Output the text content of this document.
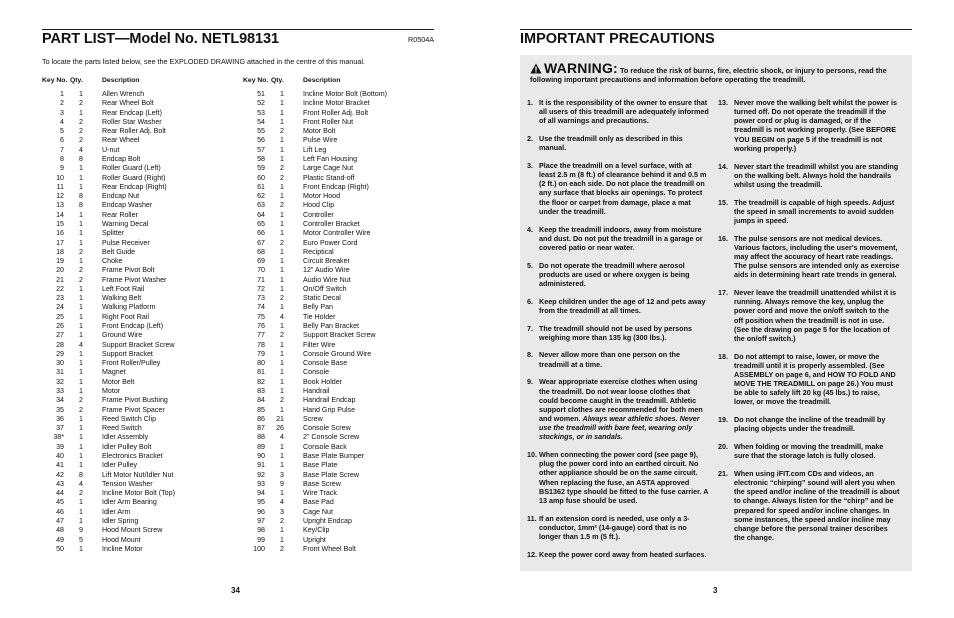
PART LIST—Model No. NETL98131	R0504A
To locate the parts listed below, see the EXPLODED DRAWING attached in the centre of this manual.
Key No. Qty.	Description
1	1	Allen Wrench
2	2	Rear Wheel Bolt
3	1	Rear Endcap (Left)
4	2	Roller Star Washer
5	2	Rear Roller Adj. Bolt
6	2	Rear Wheel
7	4	U-nut
8	8	Endcap Bolt
9	1	Roller Guard (Left)
10	1	Roller Guard (Right)
11	1	Rear Endcap (Right)
12	8	Endcap Nut
13	8	Endcap Washer
14	1	Rear Roller
15	1	Warning Decal
16	1	Splitter
17	1	Pulse Receiver
18	2	Belt Guide
19	1	Choke
20	2	Frame Pivot Bolt
21	2	Frame Pivot Washer
22	1	Left Foot Rail
23	1	Walking Belt
24	1	Walking Platform
25	1	Right Foot Rail
26	1	Front Endcap (Left)
27	1	Ground Wire
28	4	Support Bracket Screw
29	1	Support Bracket
30	1	Front Roller/Pulley
31	1	Magnet
32	1	Motor Belt
33	1	Motor
34	2	Frame Pivot Bushing
35	2	Frame Pivot Spacer
36	1	Reed Switch Clip
37	1	Reed Switch
38*	1	Idler Assembly
39	1	Idler Pulley Bolt
40	1	Electronics Bracket
41	1	Idler Pulley
42	8	Lift Motor Nut/Idler Nut
43	4	Tension Washer
44	2	Incline Motor Bolt (Top)
45	1	Idler Arm Bearing
46	1	Idler Arm
47	1	Idler Spring
48	9	Hood Mount Screw
49	5	Hood Mount
50	1	Incline Motor
Key No. Qty.	Description
51	1	Incline Motor Bolt (Bottom)
52	1	Incline Motor Bracket
53	1	Front Roller Adj. Bolt
54	1	Front Roller Nut
55	2	Motor Bolt
56	1	Pulse Wire
57	1	Lift Leg
58	1	Left Fan Housing
59	2	Large Cage Nut
60	2	Plastic Stand-off
61	1	Front Endcap (Right)
62	1	Motor Hood
63	2	Hood Clip
64	1	Controller
65	1	Controller Bracket
66	1	Motor Controller Wire
67	2	Euro Power Cord
68	1	Reciptical
69	1	Circuit Breaker
70	1	12" Audio Wire
71	1	Audio Wire Nut
72	1	On/Off Switch
73	2	Static Decal
74	1	Belly Pan
75	4	Tie Holder
76	1	Belly Pan Bracket
77	2	Support Bracket Screw
78	1	Filter Wire
79	1	Console Ground Wire
80	1	Console Base
81	1	Console
82	1	Book Holder
83	1	Handrail
84	2	Handrail Endcap
85	1	Hand Grip Pulse
86	21	Screw
87	26	Console Screw
88	4	2" Console Screw
89	1	Console Back
90	1	Base Plate Bumper
91	1	Base Plate
92	3	Base Plate Screw
93	9	Base Screw
94	1	Wire Track
95	4	Base Pad
96	3	Cage Nut
97	2	Upright Endcap
98	1	Key/Clip
99	1	Upright
100	2	Front Wheel Bolt
34
IMPORTANT PRECAUTIONS
WARNING: To reduce the risk of burns, fire, electric shock, or injury to persons, read the following important precautions and information before operating the treadmill.
1. It is the responsibility of the owner to ensure that all users of this treadmill are adequately informed of all warnings and precautions.
2. Use the treadmill only as described in this manual.
3. Place the treadmill on a level surface, with at least 2.5 m (8 ft.) of clearance behind it and 0.5 m (2 ft.) on each side. Do not place the treadmill on any surface that blocks air openings. To protect the floor or carpet from damage, place a mat under the treadmill.
4. Keep the treadmill indoors, away from moisture and dust. Do not put the treadmill in a garage or covered patio or near water.
5. Do not operate the treadmill where aerosol products are used or where oxygen is being administered.
6. Keep children under the age of 12 and pets away from the treadmill at all times.
7. The treadmill should not be used by persons weighing more than 135 kg (300 lbs.).
8. Never allow more than one person on the treadmill at a time.
9. Wear appropriate exercise clothes when using the treadmill. Do not wear loose clothes that could become caught in the treadmill. Athletic support clothes are recommended for both men and women. Always wear athletic shoes. Never use the treadmill with bare feet, wearing only stockings, or in sandals.
10. When connecting the power cord (see page 9), plug the power cord into an earthed circuit. No other appliance should be on the same circuit. When replacing the fuse, an ASTA approved BS1362 type should be fitted to the fuse carrier. A 13 amp fuse should be used.
11. If an extension cord is needed, use only a 3-conductor, 1mm² (14-gauge) cord that is no longer than 1.5 m (5 ft.).
12. Keep the power cord away from heated surfaces.
13. Never move the walking belt whilst the power is turned off. Do not operate the treadmill if the power cord or plug is damaged, or if the treadmill is not working properly. (See BEFORE YOU BEGIN on page 5 if the treadmill is not working properly.)
14. Never start the treadmill whilst you are standing on the walking belt. Always hold the handrails whilst using the treadmill.
15. The treadmill is capable of high speeds. Adjust the speed in small increments to avoid sudden jumps in speed.
16. The pulse sensors are not medical devices. Various factors, including the user's movement, may affect the accuracy of heart rate readings. The pulse sensors are intended only as exercise aids in determining heart rate trends in general.
17. Never leave the treadmill unattended whilst it is running. Always remove the key, unplug the power cord and move the on/off switch to the off position when the treadmill is not in use. (See the drawing on page 5 for the location of the on/off switch.)
18. Do not attempt to raise, lower, or move the treadmill until it is properly assembled. (See ASSEMBLY on page 6, and HOW TO FOLD AND MOVE THE TREADMILL on page 26.) You must be able to safely lift 20 kg (45 lbs.) to raise, lower, or move the treadmill.
19. Do not change the incline of the treadmill by placing objects under the treadmill.
20. When folding or moving the treadmill, make sure that the storage latch is fully closed.
21. When using iFIT.com CDs and videos, an electronic “chirping” sound will alert you when the speed and/or incline of the treadmill is about to change. Always listen for the “chirp” and be prepared for speed and/or incline changes. In some instances, the speed and/or incline may change before the personal trainer describes the change.
3
